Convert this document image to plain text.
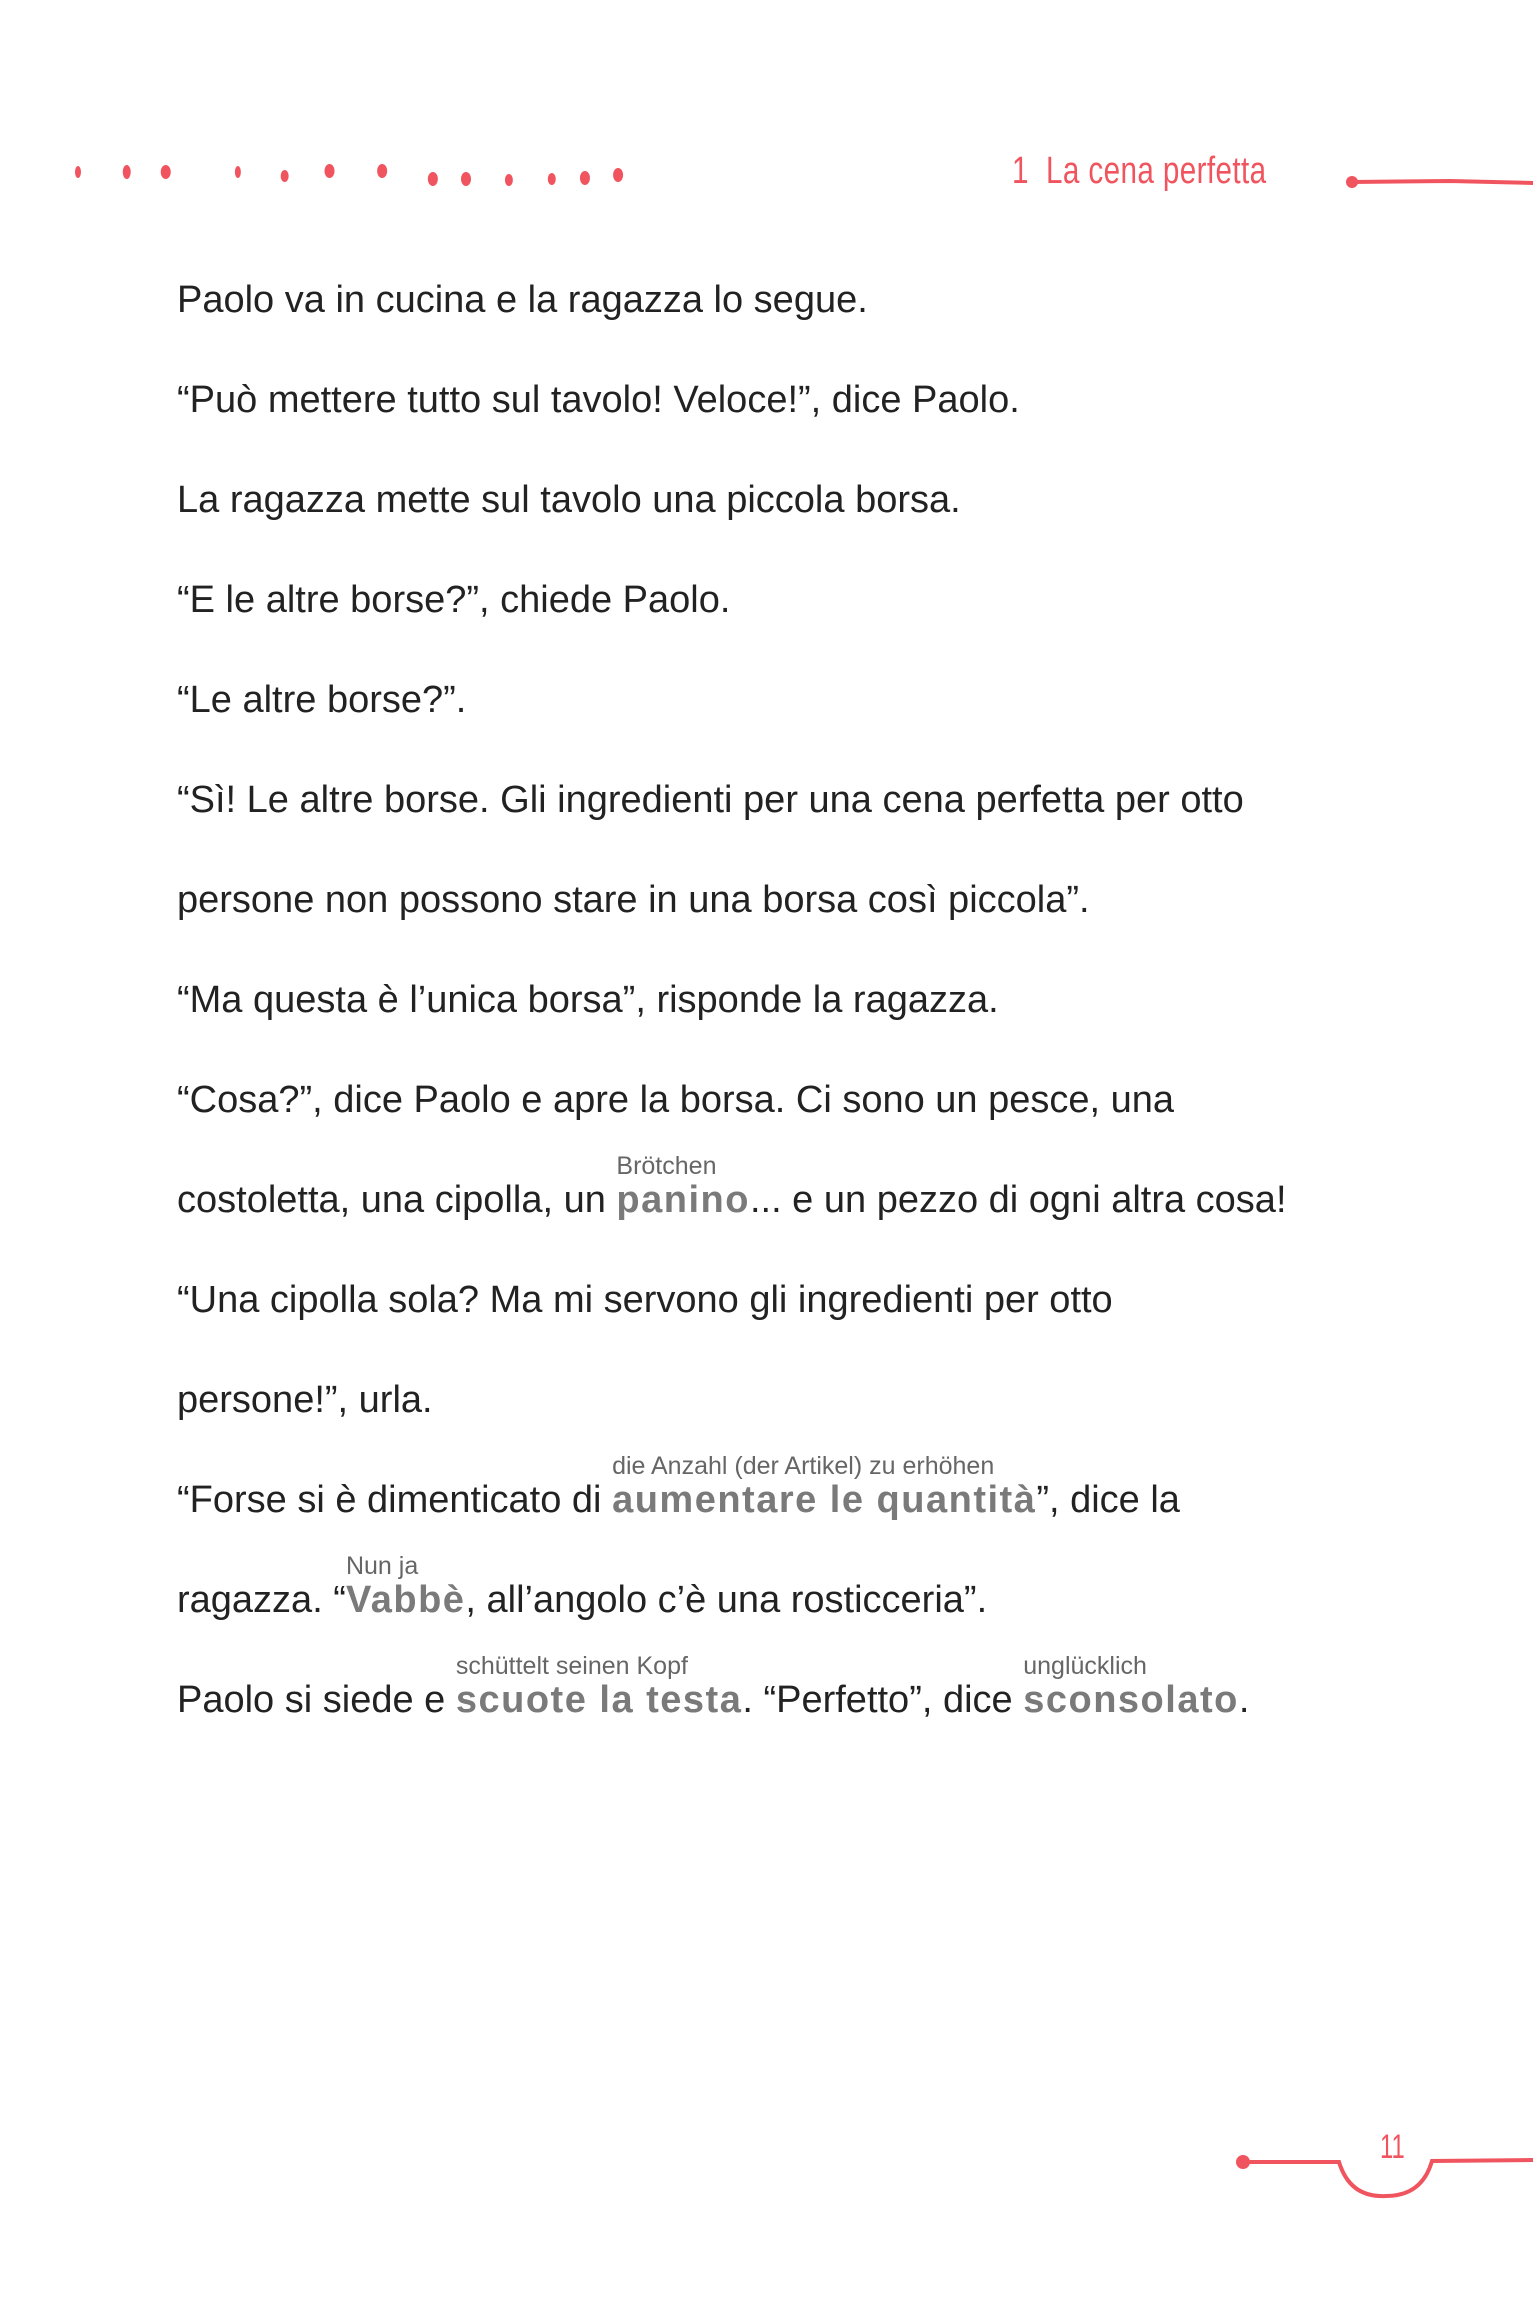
1 La cena perfetta
Paolo va in cucina e la ragazza lo segue.
“Può mettere tutto sul tavolo! Veloce!”, dice Paolo.
La ragazza mette sul tavolo una piccola borsa.
“E le altre borse?”, chiede Paolo.
“Le altre borse?”.
“Sì! Le altre borse. Gli ingredienti per una cena perfetta per otto
persone non possono stare in una borsa così piccola”.
“Ma questa è l’unica borsa”, risponde la ragazza.
“Cosa?”, dice Paolo e apre la borsa. Ci sono un pesce, una
costoletta, una cipolla, un
Brötchen
panino... e un pezzo di ogni altra cosa!
“Una cipolla sola? Ma mi servono gli ingredienti per otto
persone!”, urla.
“Forse si è dimenticato di
die Anzahl (der Artikel) zu erhöhen
aumentare le quantità”, dice la
ragazza. “
Nun ja
Vabbè, all’angolo c’è una rosticceria”.
Paolo si siede e
schüttelt seinen Kopf
scuote la testa. “Perfetto”, dice
unglücklich
sconsolato.
11
